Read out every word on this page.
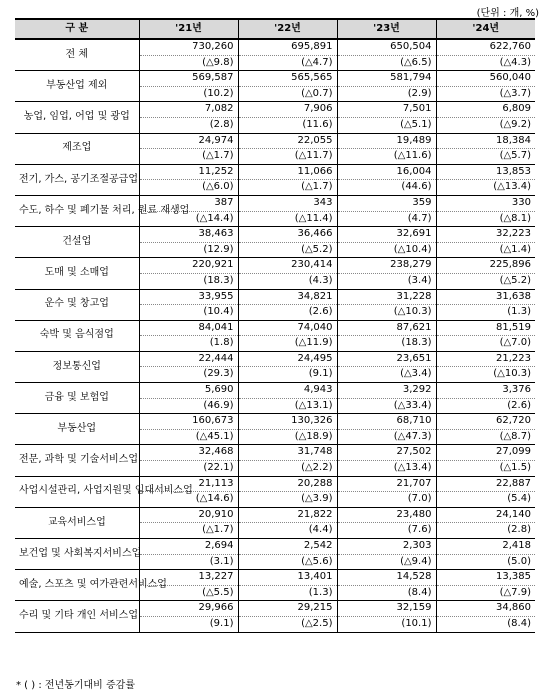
(단위 : 개, %)
구 분	'21년	'22년	'23년	'24년
전 체	730,260	695,891	650,504	622,760
	(△9.8)	(△4.7)	(△6.5)	(△4.3)
부동산업 제외	569,587	565,565	581,794	560,040
	(10.2)	(△0.7)	(2.9)	(△3.7)
농업, 임업, 어업 및 광업	7,082	7,906	7,501	6,809
	(2.8)	(11.6)	(△5.1)	(△9.2)
제조업	24,974	22,055	19,489	18,384
	(△1.7)	(△11.7)	(△11.6)	(△5.7)
전기, 가스, 공기조절공급업	11,252	11,066	16,004	13,853
	(△6.0)	(△1.7)	(44.6)	(△13.4)
수도, 하수 및 폐기물 처리, 원료 재생업	387	343	359	330
	(△14.4)	(△11.4)	(4.7)	(△8.1)
건설업	38,463	36,466	32,691	32,223
	(12.9)	(△5.2)	(△10.4)	(△1.4)
도매 및 소매업	220,921	230,414	238,279	225,896
	(18.3)	(4.3)	(3.4)	(△5.2)
운수 및 창고업	33,955	34,821	31,228	31,638
	(10.4)	(2.6)	(△10.3)	(1.3)
숙박 및 음식점업	84,041	74,040	87,621	81,519
	(1.8)	(△11.9)	(18.3)	(△7.0)
정보통신업	22,444	24,495	23,651	21,223
	(29.3)	(9.1)	(△3.4)	(△10.3)
금융 및 보험업	5,690	4,943	3,292	3,376
	(46.9)	(△13.1)	(△33.4)	(2.6)
부동산업	160,673	130,326	68,710	62,720
	(△45.1)	(△18.9)	(△47.3)	(△8.7)
전문, 과학 및 기술서비스업	32,468	31,748	27,502	27,099
	(22.1)	(△2.2)	(△13.4)	(△1.5)
사업시설관리, 사업지원및 임대서비스업	21,113	20,288	21,707	22,887
	(△14.6)	(△3.9)	(7.0)	(5.4)
교육서비스업	20,910	21,822	23,480	24,140
	(△1.7)	(4.4)	(7.6)	(2.8)
보건업 및 사회복지서비스업	2,694	2,542	2,303	2,418
	(3.1)	(△5.6)	(△9.4)	(5.0)
예술, 스포츠 및 여가관련서비스업	13,227	13,401	14,528	13,385
	(△5.5)	(1.3)	(8.4)	(△7.9)
수리 및 기타 개인 서비스업	29,966	29,215	32,159	34,860
	(9.1)	(△2.5)	(10.1)	(8.4)
* ( ) : 전년동기대비 증감률
